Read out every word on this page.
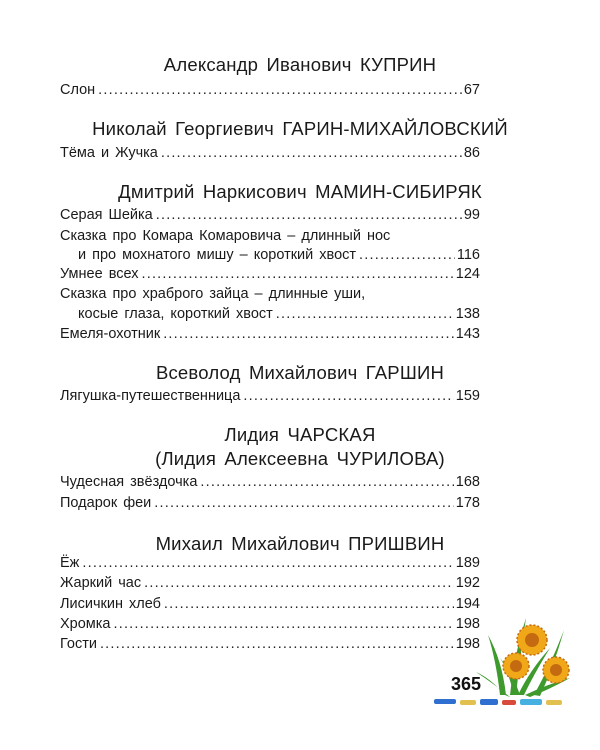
Александр Иванович КУПРИН
Слон .....	67
Николай Георгиевич ГАРИН-МИХАЙЛОВСКИЙ
Тёма и Жучка .....	86
Дмитрий Наркисович МАМИН-СИБИРЯК
Серая Шейка .....	99
Сказка про Комара Комаровича – длинный нос
и про мохнатого мишу – короткий хвост .....	116
Умнее всех .....	124
Сказка про храброго зайца – длинные уши,
косые глаза, короткий хвост .....	138
Емеля-охотник .....	143
Всеволод Михайлович ГАРШИН
Лягушка-путешественница .....	159
Лидия ЧАРСКАЯ
(Лидия Алексеевна ЧУРИЛОВА)
Чудесная звёздочка .....	168
Подарок феи .....	178
Михаил Михайлович ПРИШВИН
Ёж .....	189
Жаркий час .....	192
Лисичкин хлеб .....	194
Хромка .....	198
Гости .....	198
365
